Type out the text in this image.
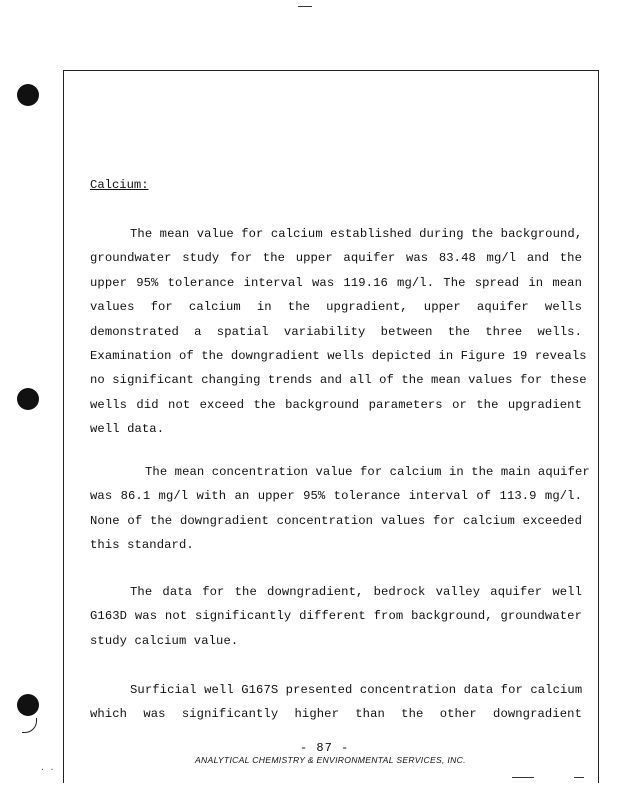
. .
Calcium:
The mean value for calcium established during the background,
groundwater study for the upper aquifer was 83.48 mg/l and the
upper 95% tolerance interval was 119.16 mg/l. The spread in mean
values for calcium in the upgradient, upper aquifer wells
demonstrated a spatial variability between the three wells.
Examination of the downgradient wells depicted in Figure 19 reveals
no significant changing trends and all of the mean values for these
wells did not exceed the background parameters or the upgradient
well data.
The mean concentration value for calcium in the main aquifer
was 86.1 mg/l with an upper 95% tolerance interval of 113.9 mg/l.
None of the downgradient concentration values for calcium exceeded
this standard.
The data for the downgradient, bedrock valley aquifer well
G163D was not significantly different from background, groundwater
study calcium value.
Surficial well G167S presented concentration data for calcium
which was significantly higher than the other downgradient
- 87 -
ANALYTICAL CHEMISTRY & ENVIRONMENTAL SERVICES, INC.
